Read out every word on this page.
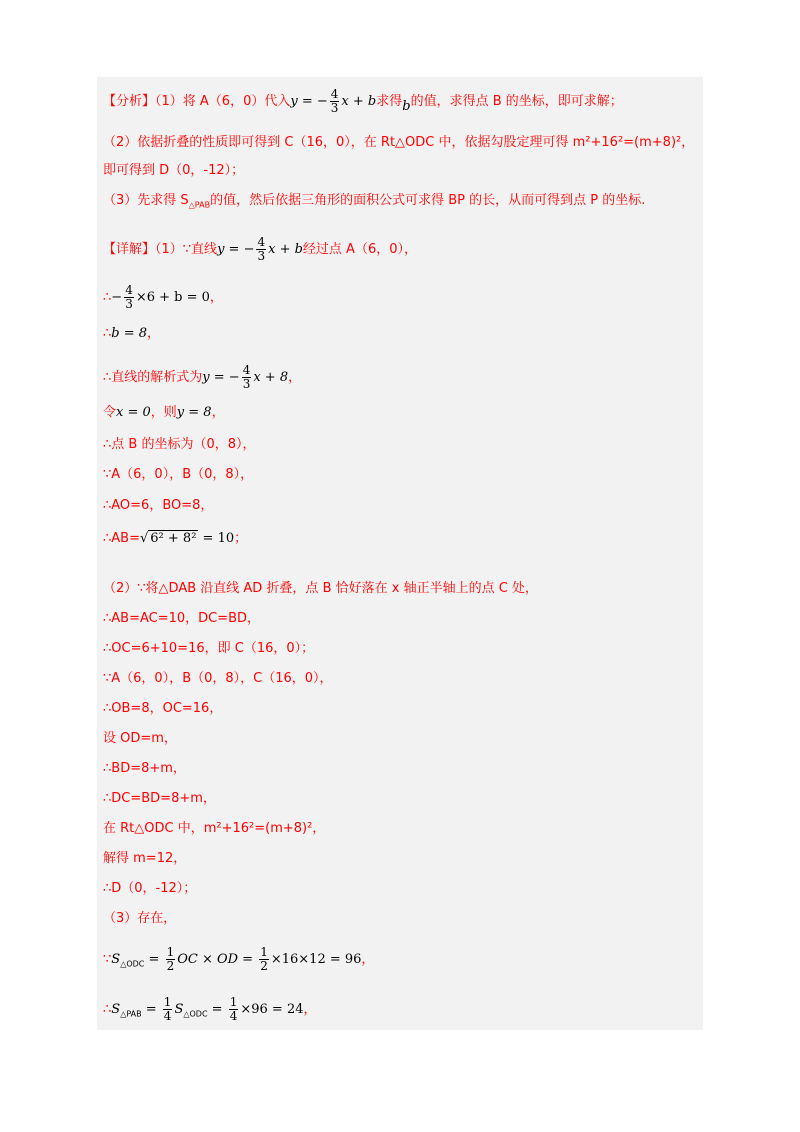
【分析】（1）将 A（6，0）代入y = − $\frac{4}{3}$ x + b求得b的值，求得点 B 的坐标，即可求解；
（2）依据折叠的性质即可得到 C（16，0），在 Rt△ODC 中，依据勾股定理可得 m²+16²=(m+8)²，
即可得到 D（0，-12）；
（3）先求得 $S_{\triangle PAB}$的值，然后依据三角形的面积公式可求得 BP 的长，从而可得到点 P 的坐标.
【详解】（1）∵直线y = − $\frac{4}{3}$ x + b经过点 A（6，0），
∴− $\frac{4}{3} \times 6 + b = 0$，
∴b = 8，
∴直线的解析式为y = − $\frac{4}{3}$ x + 8，
令x = 0，则y = 8，
∴点 B 的坐标为（0，8），
∵A（6，0），B（0，8），
∴AO=6，BO=8，
∴AB=√ 6² + 8² = 10；
（2）∵将△DAB 沿直线 AD 折叠，点 B 恰好落在 x 轴正半轴上的点 C 处，
∴AB=AC=10，DC=BD，
∴OC=6+10=16，即 C（16，0）；
∵A（6，0），B（0，8），C（16，0），
∴OB=8，OC=16，
设 OD=m，
∴BD=8+m，
∴DC=BD=8+m，
在 Rt△ODC 中，m²+16²=(m+8)²，
解得 m=12，
∴D（0，-12）；
（3）存在，
$\because S_{\triangle ODC} = \frac{1}{2}$ OC × OD = $\frac{1}{2} \times 16\times 12 = 96$，
$\therefore S_{\triangle PAB} = \frac{1}{4} S_{\triangle ODC} = \frac{1}{4} \times 96 = 24$，
